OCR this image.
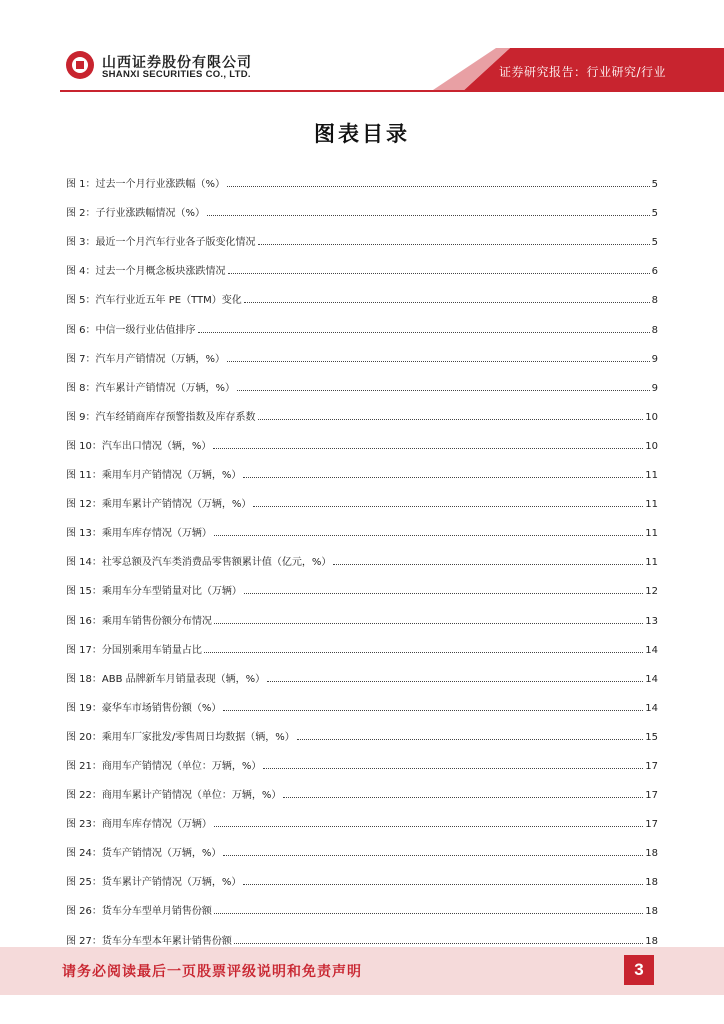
山西证券股份有限公司
SHANXI SECURITIES CO., LTD.	证券研究报告：行业研究/行业
图表目录
图 1：过去一个月行业涨跌幅（%）	5
图 2：子行业涨跌幅情况（%）	5
图 3：最近一个月汽车行业各子版变化情况	5
图 4：过去一个月概念板块涨跌情况	6
图 5：汽车行业近五年 PE（TTM）变化	8
图 6：中信一级行业估值排序	8
图 7：汽车月产销情况（万辆，%）	9
图 8：汽车累计产销情况（万辆，%）	9
图 9：汽车经销商库存预警指数及库存系数	10
图 10：汽车出口情况（辆，%）	10
图 11：乘用车月产销情况（万辆，%）	11
图 12：乘用车累计产销情况（万辆，%）	11
图 13：乘用车库存情况（万辆）	11
图 14：社零总额及汽车类消费品零售额累计值（亿元，%）	11
图 15：乘用车分车型销量对比（万辆）	12
图 16：乘用车销售份额分布情况	13
图 17：分国别乘用车销量占比	14
图 18：ABB 品牌新车月销量表现（辆，%）	14
图 19：豪华车市场销售份额（%）	14
图 20：乘用车厂家批发/零售周日均数据（辆，%）	15
图 21：商用车产销情况（单位：万辆，%）	17
图 22：商用车累计产销情况（单位：万辆，%）	17
图 23：商用车库存情况（万辆）	17
图 24：货车产销情况（万辆，%）	18
图 25：货车累计产销情况（万辆，%）	18
图 26：货车分车型单月销售份额	18
图 27：货车分车型本年累计销售份额	18
请务必阅读最后一页股票评级说明和免责声明	3
